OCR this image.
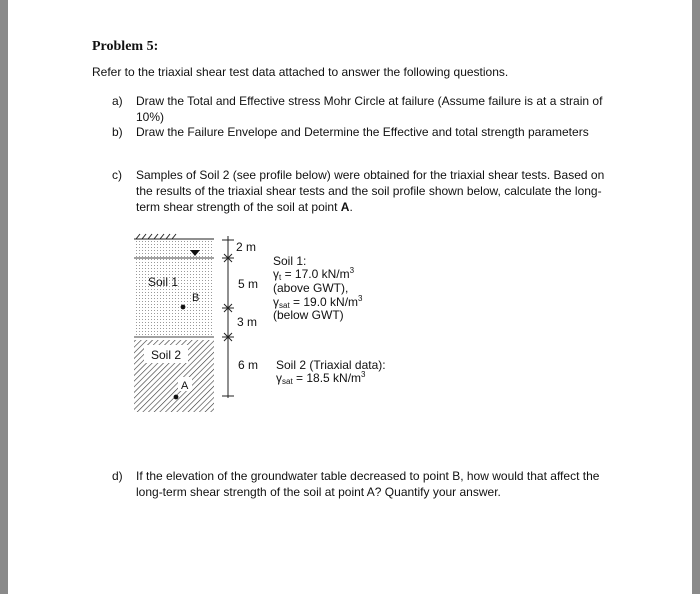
Problem 5:
Refer to the triaxial shear test data attached to answer the following questions.
a) Draw the Total and Effective stress Mohr Circle at failure (Assume failure is at a strain of
10%)
b) Draw the Failure Envelope and Determine the Effective and total strength parameters
c) Samples of Soil 2 (see profile below) were obtained for the triaxial shear tests. Based on
the results of the triaxial shear tests and the soil profile shown below, calculate the long-
term shear strength of the soil at point A.
Soil 1
B
Soil 2
A
2 m
5 m
3 m
6 m
Soil 1:
γt = 17.0 $kN/m^3$
(above GWT),
γsat = 19.0 $kN/m^3$
(below GWT)
Soil 2 (Triaxial data):
γsat = 18.5 $kN/m^3$
d) If the elevation of the groundwater table decreased to point B, how would that affect the
long-term shear strength of the soil at point A? Quantify your answer.
